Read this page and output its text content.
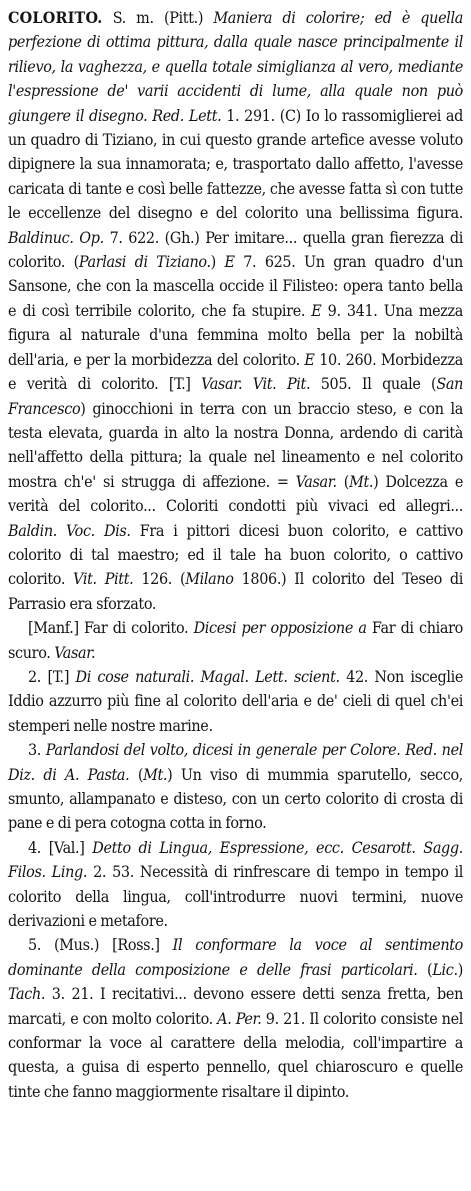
COLORITO. S. m. (Pitt.) Maniera di colorire; ed è quella perfezione di ottima pittura, dalla quale nasce principalmente il rilievo, la vaghezza, e quella totale simiglianza al vero, mediante l'espressione de' varii accidenti di lume, alla quale non può giungere il disegno. Red. Lett. 1. 291. (C) Io lo rassomiglierei ad un quadro di Tiziano, in cui questo grande artefice avesse voluto dipignere la sua innamorata; e, trasportato dallo affetto, l'avesse caricata di tante e così belle fattezze, che avesse fatta sì con tutte le eccellenze del disegno e del colorito una bellissima figura. Baldinuc. Op. 7. 622. (Gh.) Per imitare... quella gran fierezza di colorito. (Parlasi di Tiziano.) E 7. 625. Un gran quadro d'un Sansone, che con la mascella occide il Filisteo: opera tanto bella e di così terribile colorito, che fa stupire. E 9. 341. Una mezza figura al naturale d'una femmina molto bella per la nobiltà dell'aria, e per la morbidezza del colorito. E 10. 260. Morbidezza e verità di colorito. [T.] Vasar. Vit. Pit. 505. Il quale (San Francesco) ginocchioni in terra con un braccio steso, e con la testa elevata, guarda in alto la nostra Donna, ardendo di carità nell'affetto della pittura; la quale nel lineamento e nel colorito mostra ch'e' si strugga di affezione. = Vasar. (Mt.) Dolcezza e verità del colorito... Coloriti condotti più vivaci ed allegri... Baldin. Voc. Dis. Fra i pittori dicesi buon colorito, e cattivo colorito di tal maestro; ed il tale ha buon colorito, o cattivo colorito. Vit. Pitt. 126. (Milano 1806.) Il colorito del Teseo di Parrasio era sforzato.

[Manf.] Far di colorito. Dicesi per opposizione a Far di chiaro scuro. Vasar.

2. [T.] Di cose naturali. Magal. Lett. scient. 42. Non isceglie Iddio azzurro più fine al colorito dell'aria e de' cieli di quel ch'ei stemperi nelle nostre marine.

3. Parlandosi del volto, dicesi in generale per Colore. Red. nel Diz. di A. Pasta. (Mt.) Un viso di mummia sparutello, secco, smunto, allampanato e disteso, con un certo colorito di crosta di pane e di pera cotogna cotta in forno.

4. [Val.] Detto di Lingua, Espressione, ecc. Cesarott. Sagg. Filos. Ling. 2. 53. Necessità di rinfrescare di tempo in tempo il colorito della lingua, coll'introdurre nuovi termini, nuove derivazioni e metafore.

5. (Mus.) [Ross.] Il conformare la voce al sentimento dominante della composizione e delle frasi particolari. (Lic.) Tach. 3. 21. I recitativi... devono essere detti senza fretta, ben marcati, e con molto colorito. A. Per. 9. 21. Il colorito consiste nel conformar la voce al carattere della melodia, coll'impartire a questa, a guisa di esperto pennello, quel chiaroscuro e quelle tinte che fanno maggiormente risaltare il dipinto.
